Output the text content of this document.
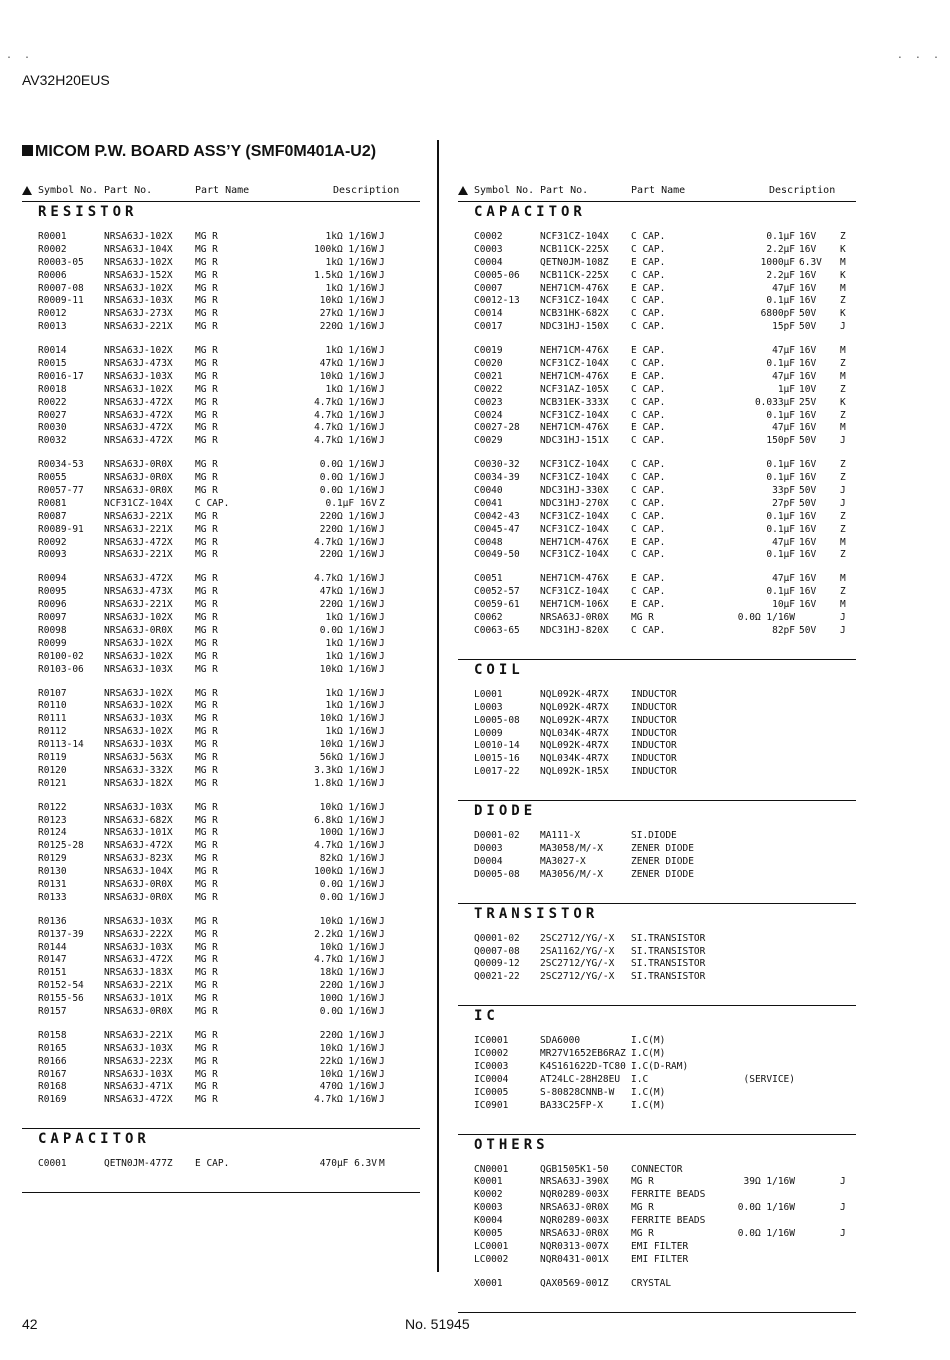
. .	. . .
AV32H20EUS
MICOM P.W. BOARD ASS’Y (SMF0M401A-U2)
Symbol No. Part No.	Part Name	Description
RESISTOR
R0001	NRSA63J-102X MG R	1kΩ 1/16W J
R0002	NRSA63J-104X MG R	100kΩ 1/16W J
R0003-05 NRSA63J-102X MG R	1kΩ 1/16W J
R0006	NRSA63J-152X MG R	1.5kΩ 1/16W J
R0007-08 NRSA63J-102X MG R	1kΩ 1/16W J
R0009-11 NRSA63J-103X MG R	10kΩ 1/16W J
R0012	NRSA63J-273X MG R	27kΩ 1/16W J
R0013	NRSA63J-221X MG R	220Ω 1/16W J
R0014	NRSA63J-102X MG R	1kΩ 1/16W J
R0015	NRSA63J-473X MG R	47kΩ 1/16W J
R0016-17 NRSA63J-103X MG R	10kΩ 1/16W J
R0018	NRSA63J-102X MG R	1kΩ 1/16W J
R0022	NRSA63J-472X MG R	4.7kΩ 1/16W J
R0027	NRSA63J-472X MG R	4.7kΩ 1/16W J
R0030	NRSA63J-472X MG R	4.7kΩ 1/16W J
R0032	NRSA63J-472X MG R	4.7kΩ 1/16W J
R0034-53 NRSA63J-0R0X MG R	0.0Ω 1/16W J
R0055	NRSA63J-0R0X MG R	0.0Ω 1/16W J
R0057-77 NRSA63J-0R0X MG R	0.0Ω 1/16W J
R0081	NCF31CZ-104X C CAP.	0.1μF 16V Z
R0087	NRSA63J-221X MG R	220Ω 1/16W J
R0089-91 NRSA63J-221X MG R	220Ω 1/16W J
R0092	NRSA63J-472X MG R	4.7kΩ 1/16W J
R0093	NRSA63J-221X MG R	220Ω 1/16W J
R0094	NRSA63J-472X MG R	4.7kΩ 1/16W J
R0095	NRSA63J-473X MG R	47kΩ 1/16W J
R0096	NRSA63J-221X MG R	220Ω 1/16W J
R0097	NRSA63J-102X MG R	1kΩ 1/16W J
R0098	NRSA63J-0R0X MG R	0.0Ω 1/16W J
R0099	NRSA63J-102X MG R	1kΩ 1/16W J
R0100-02 NRSA63J-102X MG R	1kΩ 1/16W J
R0103-06 NRSA63J-103X MG R	10kΩ 1/16W J
R0107	NRSA63J-102X MG R	1kΩ 1/16W J
R0110	NRSA63J-102X MG R	1kΩ 1/16W J
R0111	NRSA63J-103X MG R	10kΩ 1/16W J
R0112	NRSA63J-102X MG R	1kΩ 1/16W J
R0113-14 NRSA63J-103X MG R	10kΩ 1/16W J
R0119	NRSA63J-563X MG R	56kΩ 1/16W J
R0120	NRSA63J-332X MG R	3.3kΩ 1/16W J
R0121	NRSA63J-182X MG R	1.8kΩ 1/16W J
R0122	NRSA63J-103X MG R	10kΩ 1/16W J
R0123	NRSA63J-682X MG R	6.8kΩ 1/16W J
R0124	NRSA63J-101X MG R	100Ω 1/16W J
R0125-28 NRSA63J-472X MG R	4.7kΩ 1/16W J
R0129	NRSA63J-823X MG R	82kΩ 1/16W J
R0130	NRSA63J-104X MG R	100kΩ 1/16W J
R0131	NRSA63J-0R0X MG R	0.0Ω 1/16W J
R0133	NRSA63J-0R0X MG R	0.0Ω 1/16W J
R0136	NRSA63J-103X MG R	10kΩ 1/16W J
R0137-39 NRSA63J-222X MG R	2.2kΩ 1/16W J
R0144	NRSA63J-103X MG R	10kΩ 1/16W J
R0147	NRSA63J-472X MG R	4.7kΩ 1/16W J
R0151	NRSA63J-183X MG R	18kΩ 1/16W J
R0152-54 NRSA63J-221X MG R	220Ω 1/16W J
R0155-56 NRSA63J-101X MG R	100Ω 1/16W J
R0157	NRSA63J-0R0X MG R	0.0Ω 1/16W J
R0158	NRSA63J-221X MG R	220Ω 1/16W J
R0165	NRSA63J-103X MG R	10kΩ 1/16W J
R0166	NRSA63J-223X MG R	22kΩ 1/16W J
R0167	NRSA63J-103X MG R	10kΩ 1/16W J
R0168	NRSA63J-471X MG R	470Ω 1/16W J
R0169	NRSA63J-472X MG R	4.7kΩ 1/16W J
CAPACITOR
C0001	QETN0JM-477Z E CAP.	470μF 6.3V M
Symbol No. Part No.	Part Name	Description
CAPACITOR
C0002	NCF31CZ-104X C CAP.	0.1μF 16V	Z
C0003	NCB11CK-225X C CAP.	2.2μF 16V	K
C0004	QETN0JM-108Z E CAP.	1000μF 6.3V M
C0005-06 NCB11CK-225X C CAP.	2.2μF 16V	K
C0007	NEH71CM-476X E CAP.	47μF 16V	M
C0012-13 NCF31CZ-104X C CAP.	0.1μF 16V	Z
C0014	NCB31HK-682X C CAP.	6800pF 50V	K
C0017	NDC31HJ-150X C CAP.	15pF 50V	J
C0019	NEH71CM-476X E CAP.	47μF 16V	M
C0020	NCF31CZ-104X C CAP.	0.1μF 16V	Z
C0021	NEH71CM-476X E CAP.	47μF 16V	M
C0022	NCF31AZ-105X C CAP.	1μF 10V	Z
C0023	NCB31EK-333X C CAP.	0.033μF 25V	K
C0024	NCF31CZ-104X C CAP.	0.1μF 16V	Z
C0027-28 NEH71CM-476X E CAP.	47μF 16V	M
C0029	NDC31HJ-151X C CAP.	150pF 50V	J
C0030-32 NCF31CZ-104X C CAP.	0.1μF 16V	Z
C0034-39 NCF31CZ-104X C CAP.	0.1μF 16V	Z
C0040	NDC31HJ-330X C CAP.	33pF 50V	J
C0041	NDC31HJ-270X C CAP.	27pF 50V	J
C0042-43 NCF31CZ-104X C CAP.	0.1μF 16V	Z
C0045-47 NCF31CZ-104X C CAP.	0.1μF 16V	Z
C0048	NEH71CM-476X E CAP.	47μF 16V	M
C0049-50 NCF31CZ-104X C CAP.	0.1μF 16V	Z
C0051	NEH71CM-476X E CAP.	47μF 16V	M
C0052-57 NCF31CZ-104X C CAP.	0.1μF 16V	Z
C0059-61 NEH71CM-106X E CAP.	10μF 16V	M
C0062	NRSA63J-0R0X MG R	0.0Ω 1/16W	J
C0063-65 NDC31HJ-820X C CAP.	82pF 50V	J
COIL
L0001	NQL092K-4R7X INDUCTOR
L0003	NQL092K-4R7X INDUCTOR
L0005-08 NQL092K-4R7X INDUCTOR
L0009	NQL034K-4R7X INDUCTOR
L0010-14 NQL092K-4R7X INDUCTOR
L0015-16 NQL034K-4R7X INDUCTOR
L0017-22 NQL092K-1R5X INDUCTOR
DIODE
D0001-02 MA111-X	SI.DIODE
D0003	MA3058/M/-X	ZENER DIODE
D0004	MA3027-X	ZENER DIODE
D0005-08 MA3056/M/-X	ZENER DIODE
TRANSISTOR
Q0001-02 2SC2712/YG/-X SI.TRANSISTOR
Q0007-08 2SA1162/YG/-X SI.TRANSISTOR
Q0009-12 2SC2712/YG/-X SI.TRANSISTOR
Q0021-22 2SC2712/YG/-X SI.TRANSISTOR
IC
IC0001	SDA6000	I.C(M)
IC0002	MR27V1652EB6RAZ I.C(M)
IC0003	K4S161622D-TC80 I.C(D-RAM)
IC0004	AT24LC-28H28EU I.C	(SERVICE)
IC0005	S-80828CNNB-W I.C(M)
IC0901	BA33C25FP-X	I.C(M)
OTHERS
CN0001	QGB1505K1-50 CONNECTOR
K0001	NRSA63J-390X MG R	39Ω 1/16W	J
K0002	NQR0289-003X FERRITE BEADS
K0003	NRSA63J-0R0X MG R	0.0Ω 1/16W	J
K0004	NQR0289-003X FERRITE BEADS
K0005	NRSA63J-0R0X MG R	0.0Ω 1/16W	J
LC0001	NQR0313-007X EMI FILTER
LC0002	NQR0431-001X EMI FILTER
X0001	QAX0569-001Z CRYSTAL
42	No. 51945
